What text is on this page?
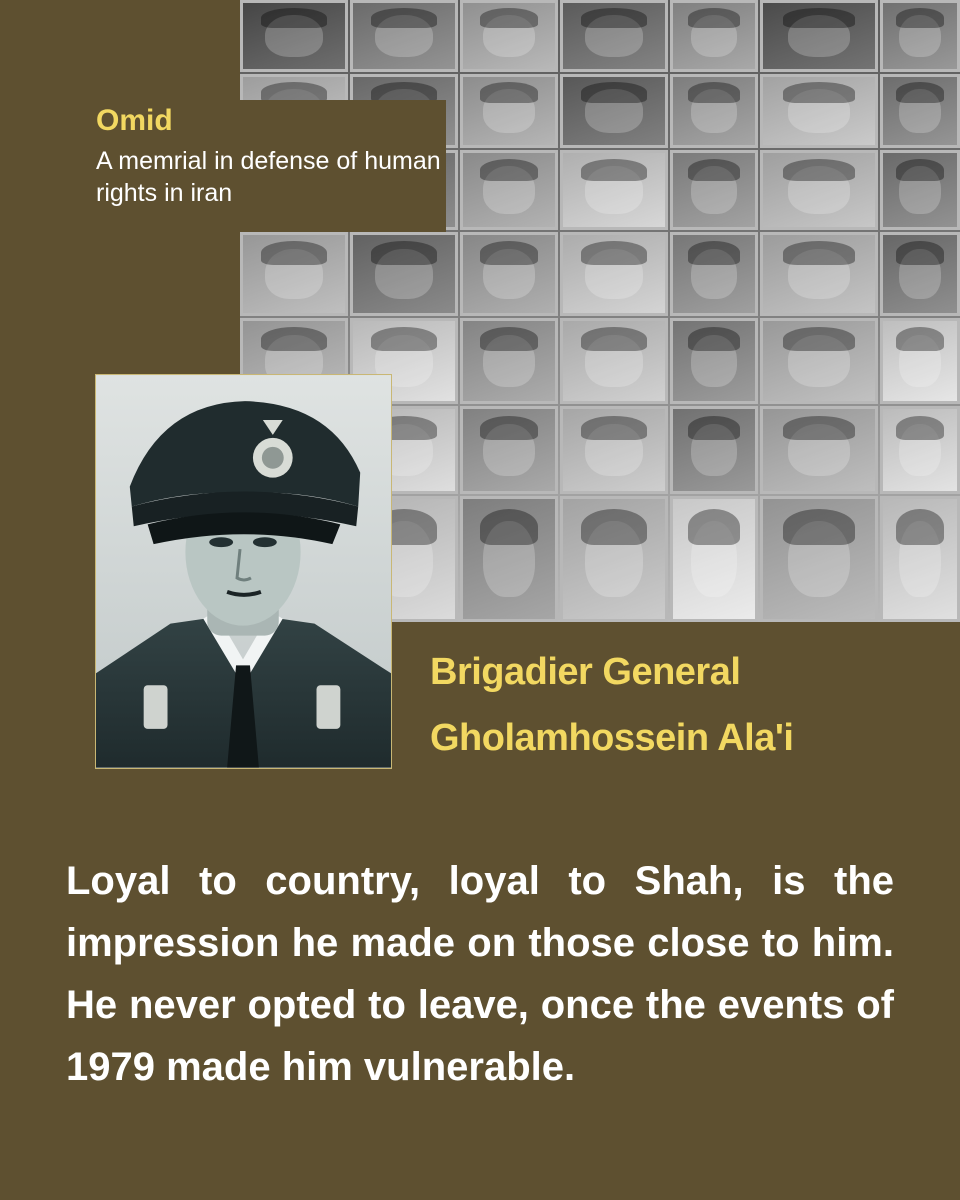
Omid
A memrial in defense of human rights in iran
Brigadier General
Gholamhossein Ala'i
Loyal to country, loyal to Shah, is the impression he made on those close to him. He never opted to leave, once the events of 1979 made him vulnerable.
